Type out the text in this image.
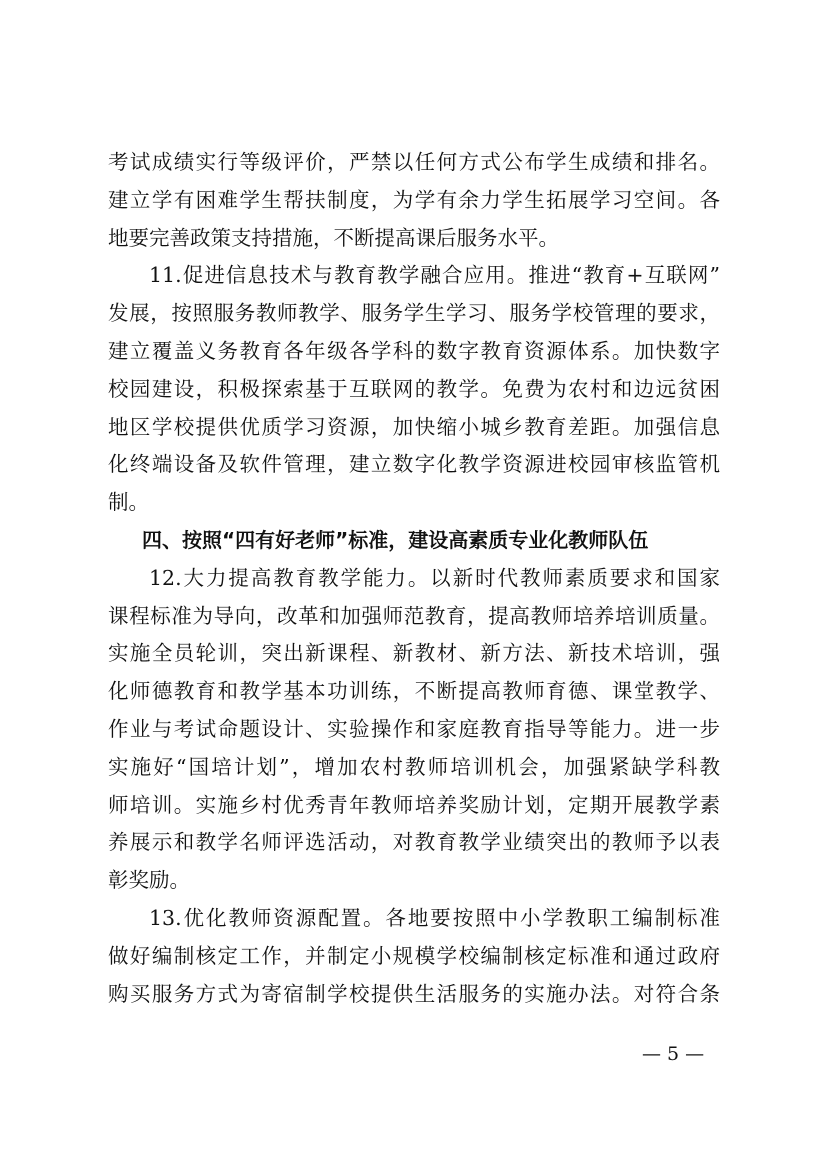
考试成绩实行等级评价，严禁以任何方式公布学生成绩和排名。
建立学有困难学生帮扶制度，为学有余力学生拓展学习空间。各
地要完善政策支持措施，不断提高课后服务水平。
11.促进信息技术与教育教学融合应用。推进“教育+互联网”
发展，按照服务教师教学、服务学生学习、服务学校管理的要求，
建立覆盖义务教育各年级各学科的数字教育资源体系。加快数字
校园建设，积极探索基于互联网的教学。免费为农村和边远贫困
地区学校提供优质学习资源，加快缩小城乡教育差距。加强信息
化终端设备及软件管理，建立数字化教学资源进校园审核监管机
制。
四、按照“四有好老师”标准，建设高素质专业化教师队伍
12.大力提高教育教学能力。以新时代教师素质要求和国家
课程标准为导向，改革和加强师范教育，提高教师培养培训质量。
实施全员轮训，突出新课程、新教材、新方法、新技术培训，强
化师德教育和教学基本功训练，不断提高教师育德、课堂教学、
作业与考试命题设计、实验操作和家庭教育指导等能力。进一步
实施好“国培计划”，增加农村教师培训机会，加强紧缺学科教
师培训。实施乡村优秀青年教师培养奖励计划，定期开展教学素
养展示和教学名师评选活动，对教育教学业绩突出的教师予以表
彰奖励。
13.优化教师资源配置。各地要按照中小学教职工编制标准
做好编制核定工作，并制定小规模学校编制核定标准和通过政府
购买服务方式为寄宿制学校提供生活服务的实施办法。对符合条
— 5 —
